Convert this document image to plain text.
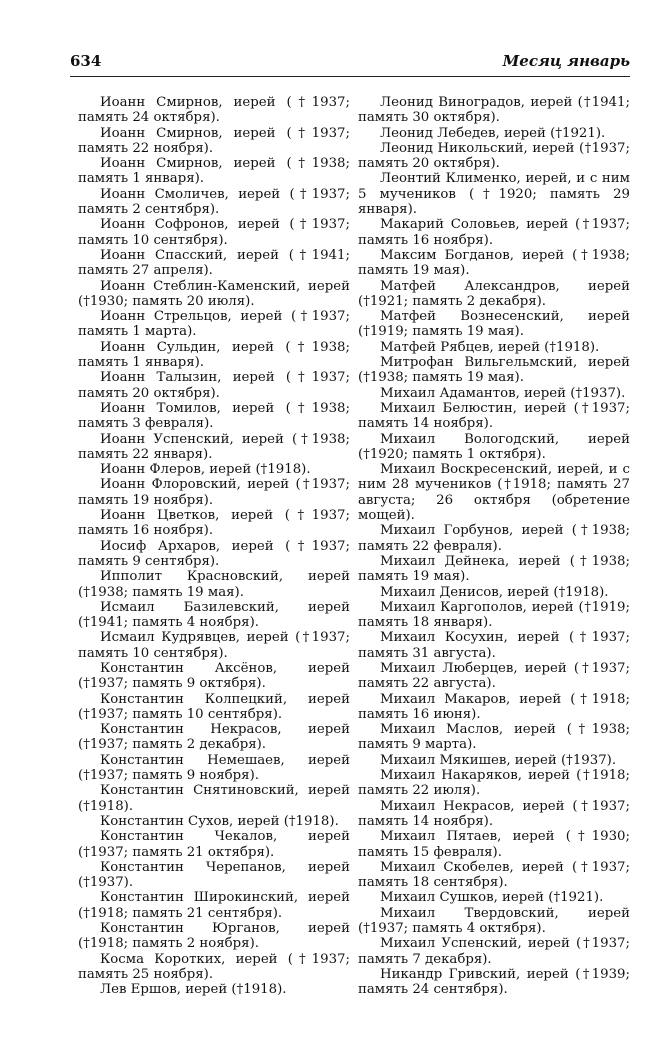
634	Месяц январь

Иоанн Смирнов, иерей (†1937; память 24 октября).

Иоанн Смирнов, иерей (†1937; память 22 ноября).

Иоанн Смирнов, иерей (†1938; память 1 января).

Иоанн Смоличев, иерей (†1937; память 2 сентября).

Иоанн Софронов, иерей (†1937; память 10 сентября).

Иоанн Спасский, иерей (†1941; память 27 апреля).

Иоанн Стеблин-Каменский, иерей (†1930; память 20 июля).

Иоанн Стрельцов, иерей (†1937; память 1 марта).

Иоанн Сульдин, иерей (†1938; память 1 января).

Иоанн Талызин, иерей (†1937; память 20 октября).

Иоанн Томилов, иерей (†1938; память 3 февраля).

Иоанн Успенский, иерей (†1938; память 22 января).

Иоанн Флеров, иерей (†1918).

Иоанн Флоровский, иерей (†1937; память 19 ноября).

Иоанн Цветков, иерей (†1937; память 16 ноября).

Иосиф Архаров, иерей (†1937; память 9 сентября).

Ипполит Красновский, иерей (†1938; память 19 мая).

Исмаил Базилевский, иерей (†1941; память 4 ноября).

Исмаил Кудрявцев, иерей (†1937; память 10 сентября).

Константин Аксёнов, иерей (†1937; память 9 октября).

Константин Колпецкий, иерей (†1937; память 10 сентября).

Константин Некрасов, иерей (†1937; память 2 декабря).

Константин Немешаев, иерей (†1937; память 9 ноября).

Константин Снятиновский, иерей (†1918).

Константин Сухов, иерей (†1918).

Константин Чекалов, иерей (†1937; память 21 октября).

Константин Черепанов, иерей (†1937).

Константин Широкинский, иерей (†1918; память 21 сентября).

Константин Юрганов, иерей (†1918; память 2 ноября).

Косма Коротких, иерей (†1937; память 25 ноября).

Лев Ершов, иерей (†1918).

Леонид Виноградов, иерей (†1941; память 30 октября).

Леонид Лебедев, иерей (†1921).

Леонид Никольский, иерей (†1937; память 20 октября).

Леонтий Клименко, иерей, и с ним 5 мучеников (†1920; память 29 января).

Макарий Соловьев, иерей (†1937; память 16 ноября).

Максим Богданов, иерей (†1938; память 19 мая).

Матфей Александров, иерей (†1921; память 2 декабря).

Матфей Вознесенский, иерей (†1919; память 19 мая).

Матфей Рябцев, иерей (†1918).

Митрофан Вильгельмский, иерей (†1938; память 19 мая).

Михаил Адамантов, иерей (†1937).

Михаил Белюстин, иерей (†1937; память 14 ноября).

Михаил Вологодский, иерей (†1920; память 1 октября).

Михаил Воскресенский, иерей, и с ним 28 мучеников (†1918; память 27 августа; 26 октября (обретение мощей).

Михаил Горбунов, иерей (†1938; память 22 февраля).

Михаил Дейнека, иерей (†1938; память 19 мая).

Михаил Денисов, иерей (†1918).

Михаил Каргополов, иерей (†1919; память 18 января).

Михаил Косухин, иерей (†1937; память 31 августа).

Михаил Люберцев, иерей (†1937; память 22 августа).

Михаил Макаров, иерей (†1918; память 16 июня).

Михаил Маслов, иерей (†1938; память 9 марта).

Михаил Мякишев, иерей (†1937).

Михаил Накаряков, иерей (†1918; память 22 июля).

Михаил Некрасов, иерей (†1937; память 14 ноября).

Михаил Пятаев, иерей (†1930; память 15 февраля).

Михаил Скобелев, иерей (†1937; память 18 сентября).

Михаил Сушков, иерей (†1921).

Михаил Твердовский, иерей (†1937; память 4 октября).

Михаил Успенский, иерей (†1937; память 7 декабря).

Никандр Гривский, иерей (†1939; память 24 сентября).
